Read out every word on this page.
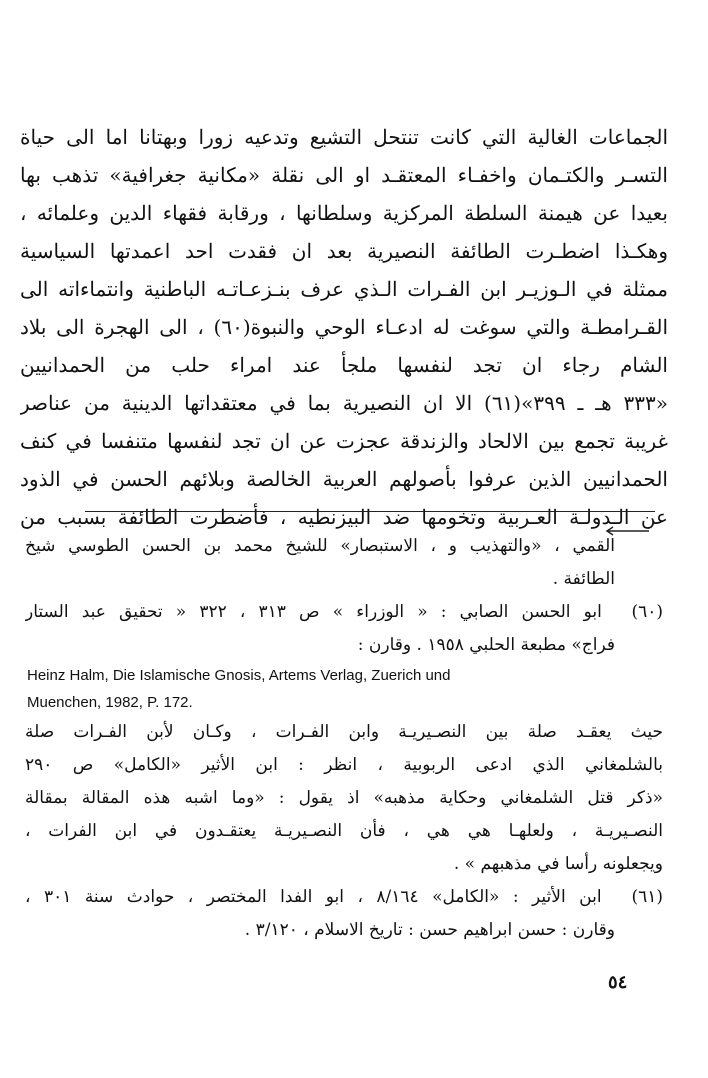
الجماعات الغالية التي كانت تنتحل التشيع وتدعيه زورا وبهتانا اما الى حياة
التسـر والكتـمان واخفـاء المعتقـد او الى نقلة «مكانية جغرافية» تذهب بها
بعيدا عن هيمنة السلطة المركزية وسلطانها ، ورقابة فقهاء الدين وعلمائه ،
وهكـذا اضطـرت الطائفة النصيرية بعد ان فقدت احد اعمدتها السياسية
ممثلة في الـوزيـر ابن الفـرات الـذي عرف بنـزعـاتـه الباطنية وانتماءاته الى
القـرامطـة والتي سوغت له ادعـاء الوحي والنبوة(٦٠) ، الى الهجرة الى بلاد
الشام رجاء ان تجد لنفسها ملجأ عند امراء حلب من الحمدانيين
«٣٣٣ هـ ـ ٣٩٩»(٦١) الا ان النصيرية بما في معتقداتها الدينية من عناصر
غريبة تجمع بين الالحاد والزندقة عجزت عن ان تجد لنفسها متنفسا في كنف
الحمدانيين الذين عرفوا بأصولهم العربية الخالصة وبلائهم الحسن في الذود
عن الـدولـة العـربية وتخومها ضد البيزنطيه ، فأضطرت الطائفة بسبب من
القمي ، «والتهذيب و ، الاستبصار» للشيخ محمد بن الحسن الطوسي شيخ
الطائفة .
(٦٠) ابو الحسن الصابي : « الوزراء » ص ٣١٣ ، ٣٢٢ « تحقيق عبد الستار
فراج» مطبعة الحلبي ١٩٥٨ . وقارن :
Heinz Halm, Die Islamische Gnosis, Artems Verlag, Zuerich und
Muenchen, 1982, P. 172.
حيث يعقـد صلة بين النصـيريـة وابن الفـرات ، وكـان لأبن الفـرات صلة
بالشلمغاني الذي ادعى الربوبية ، انظر : ابن الأثير «الكامل» ص ٢٩٠
«ذكر قتل الشلمغاني وحكاية مذهبه» اذ يقول : «وما اشبه هذه المقالة بمقالة
النصـيريـة ، ولعلهـا هي هي ، فأن النصـيريـة يعتقـدون في ابن الفرات ،
ويجعلونه رأسا في مذهبهم » .
(٦١) ابن الأثير : «الكامل» ٨/١٦٤ ، ابو الفدا المختصر ، حوادث سنة ٣٠١ ،
وقارن : حسن ابراهيم حسن : تاريخ الاسلام ، ٣/١٢٠ .
٥٤
